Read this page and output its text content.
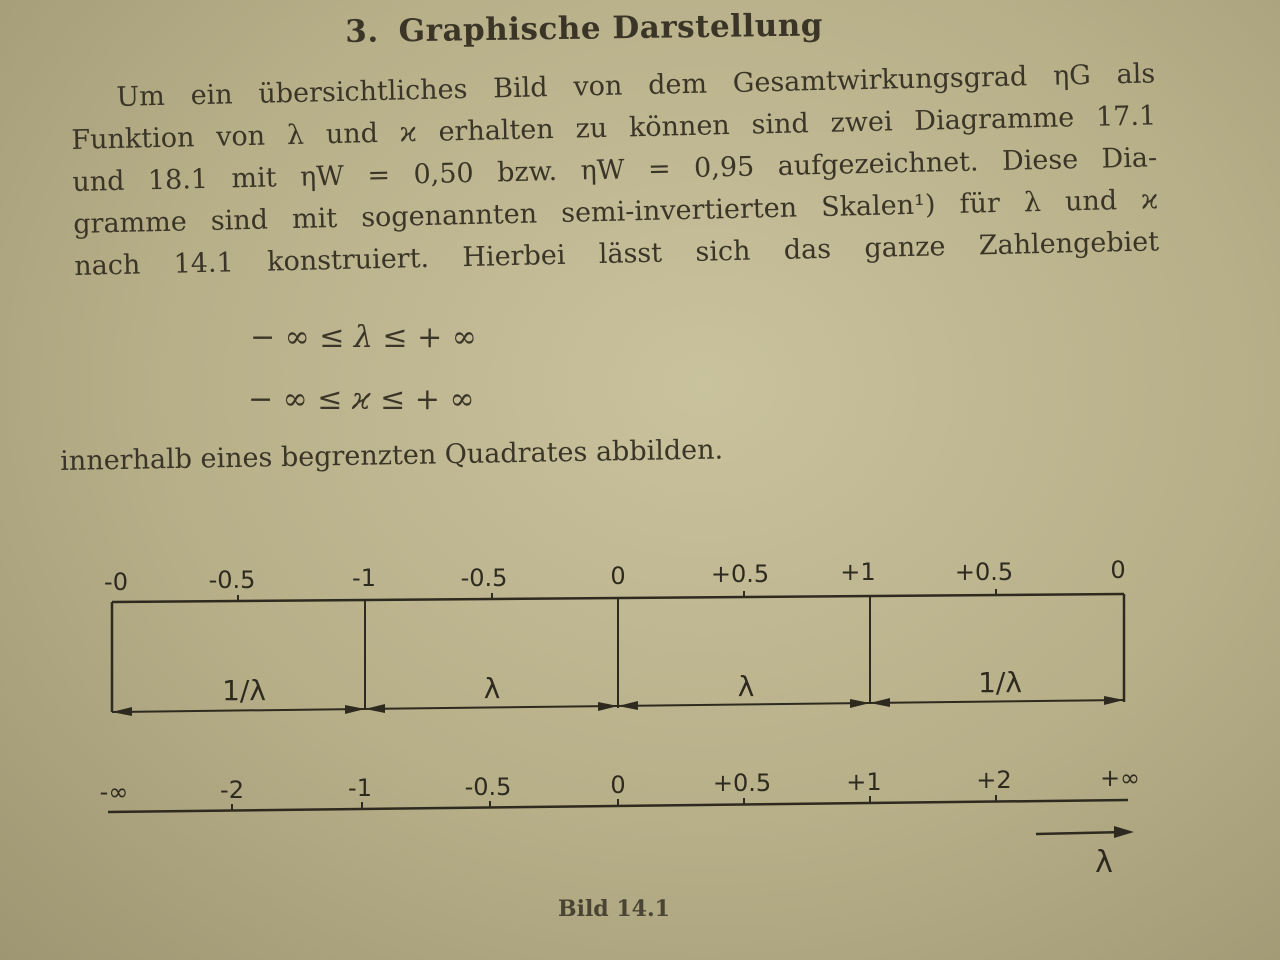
3. Graphische Darstellung
Um ein übersichtliches Bild von dem Gesamtwirkungsgrad ηG als
Funktion von λ und ϰ erhalten zu können sind zwei Diagramme 17.1
und 18.1 mit ηW = 0,50 bzw. ηW = 0,95 aufgezeichnet. Diese Dia-
gramme sind mit sogenannten semi-invertierten Skalen¹) für λ und ϰ
nach 14.1 konstruiert. Hierbei lässt sich das ganze Zahlengebiet
− ∞ ≤ λ ≤ + ∞
− ∞ ≤ ϰ ≤ + ∞
innerhalb eines begrenzten Quadrates abbilden.
-0	-0.5	-1	-0.5	0	+0.5	+1	+0.5	0
1/λ	λ	λ	1/λ
-∞	-2	-1	-0.5	0	+0.5	+1	+2	+∞
λ
Bild 14.1
